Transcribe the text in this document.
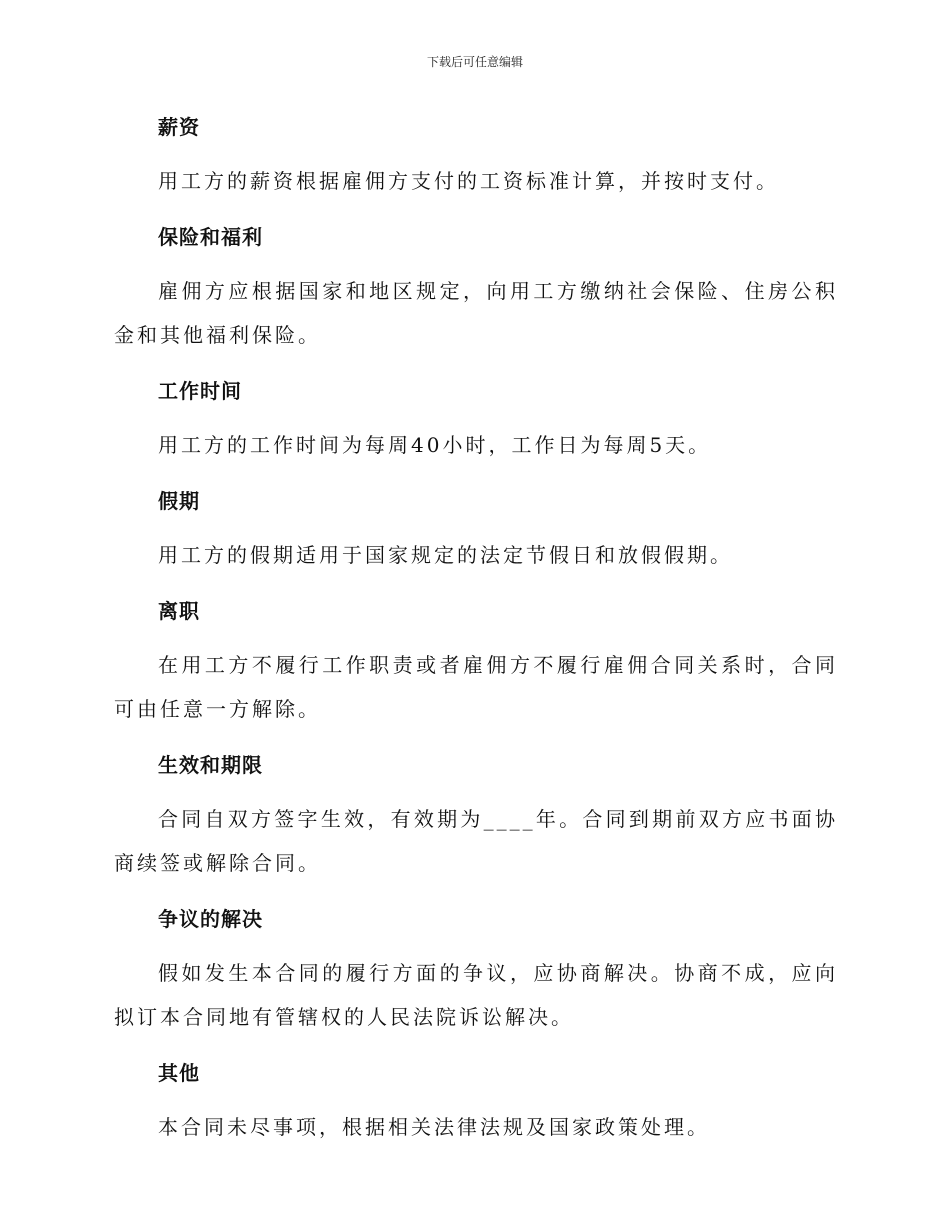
下载后可任意编辑
薪资
用工方的薪资根据雇佣方支付的工资标准计算，并按时支付。
保险和福利
雇佣方应根据国家和地区规定，向用工方缴纳社会保险、住房公积金和其他福利保险。
工作时间
用工方的工作时间为每周40小时，工作日为每周5天。
假期
用工方的假期适用于国家规定的法定节假日和放假假期。
离职
在用工方不履行工作职责或者雇佣方不履行雇佣合同关系时，合同可由任意一方解除。
生效和期限
合同自双方签字生效，有效期为____年。合同到期前双方应书面协商续签或解除合同。
争议的解决
假如发生本合同的履行方面的争议，应协商解决。协商不成，应向拟订本合同地有管辖权的人民法院诉讼解决。
其他
本合同未尽事项，根据相关法律法规及国家政策处理。
